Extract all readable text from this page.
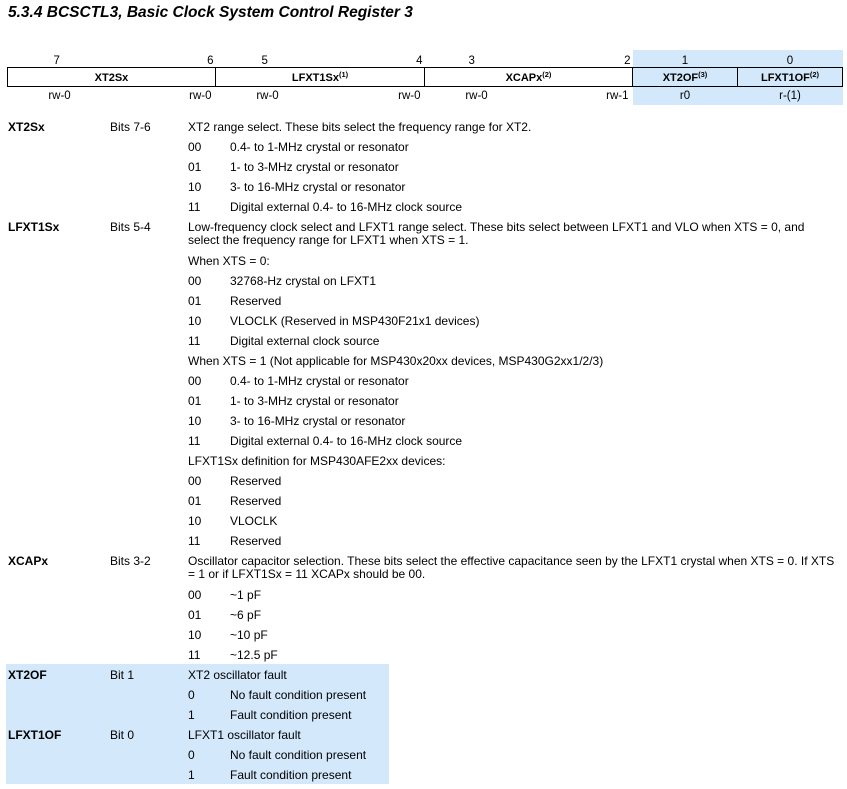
5.3.4 BCSCTL3, Basic Clock System Control Register 3
7	6	5	4	3	2	1	0
XT2Sx		LFXT1Sx$^{(1)}$		XCAPx$^{(2)}$		XT2OF$^{(3)}$	LFXT1OF$^{(2)}$
rw-0	rw-0	rw-0	rw-0	rw-0	rw-1	r0	r-(1)
XT2Sx	Bits 7-6	XT2 range select. These bits select the frequency range for XT2.
00 0.4- to 1-MHz crystal or resonator
01 1- to 3-MHz crystal or resonator
10 3- to 16-MHz crystal or resonator
11 Digital external 0.4- to 16-MHz clock source
LFXT1Sx	Bits 5-4	Low-frequency clock select and LFXT1 range select. These bits select between LFXT1 and VLO when XTS = 0, and select the frequency range for LFXT1 when XTS = 1.
When XTS = 0:
00 32768-Hz crystal on LFXT1
01 Reserved
10 VLOCLK (Reserved in MSP430F21x1 devices)
11 Digital external clock source
When XTS = 1 (Not applicable for MSP430x20xx devices, MSP430G2xx1/2/3)
00 0.4- to 1-MHz crystal or resonator
01 1- to 3-MHz crystal or resonator
10 3- to 16-MHz crystal or resonator
11 Digital external 0.4- to 16-MHz clock source
LFXT1Sx definition for MSP430AFE2xx devices:
00 Reserved
01 Reserved
10 VLOCLK
11 Reserved
XCAPx	Bits 3-2	Oscillator capacitor selection. These bits select the effective capacitance seen by the LFXT1 crystal when XTS = 0. If XTS = 1 or if LFXT1Sx = 11 XCAPx should be 00.
00 ~1 pF
01 ~6 pF
10 ~10 pF
11 ~12.5 pF
XT2OF	Bit 1	XT2 oscillator fault
0	No fault condition present
1	Fault condition present
LFXT1OF	Bit 0	LFXT1 oscillator fault
0	No fault condition present
1	Fault condition present
